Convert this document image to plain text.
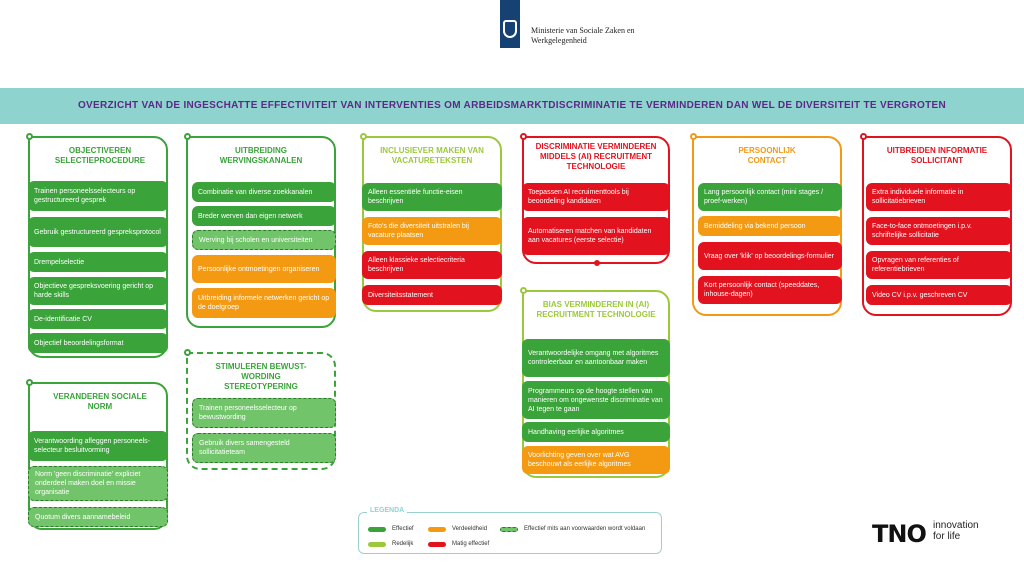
Ministerie van Sociale Zaken en
Werkgelegenheid
OVERZICHT VAN DE INGESCHATTE EFFECTIVITEIT VAN INTERVENTIES OM ARBEIDSMARKTDISCRIMINATIE TE VERMINDEREN DAN WEL DE DIVERSITEIT TE VERGROTEN
OBJECTIVEREN SELECTIEPROCEDURE
Trainen personeelsselecteurs op gestructureerd gesprek
Gebruik gestructureerd gespreksprotocol
Drempelselectie
Objectieve gespreksvoering gericht op harde skills
De-identificatie CV
Objectief beoordelingsformat
VERANDEREN SOCIALE NORM
Verantwoording afleggen personeels-selecteur besluitvorming
Norm 'geen discriminatie' expliciet onderdeel maken doel en missie organisatie
Quotum divers aannamebeleid
UITBREIDING WERVINGSKANALEN
Combinatie van diverse zoekkanalen
Breder werven dan eigen netwerk
Werving bij scholen en universiteiten
Persoonlijke ontmoetingen organiseren
Uitbreiding informele netwerken gericht op de doelgroep
STIMULEREN BEWUST-WORDING STEREOTYPERING
Trainen personeelsselecteur op bewustwording
Gebruik divers samengesteld sollicitatieteam
INCLUSIEVER MAKEN VAN VACATURETEKSTEN
Alleen essentiële functie-eisen beschrijven
Foto's die diversiteit uitstralen bij vacature plaatsen
Alleen klassieke selectiecriteria beschrijven
Diversiteitsstatement
DISCRIMINATIE VERMINDEREN MIDDELS (AI) RECRUITMENT TECHNOLOGIE
Toepassen AI recruimenttools bij beoordeling kandidaten
Automatiseren matchen van kandidaten aan vacatures (eerste selectie)
BIAS VERMINDEREN IN (AI) RECRUITMENT TECHNOLOGIE
Verantwoordelijke omgang met algoritmes controleerbaar en aantoonbaar maken
Programmeurs op de hoogte stellen van manieren om ongewenste discriminatie van AI tegen te gaan
Handhaving eerlijke algoritmes
Voorlichting geven over wat AVG beschouwt als eerlijke algoritmes
PERSOONLIJK CONTACT
Lang persoonlijk contact (mini stages / proef-werken)
Bemiddeling via bekend persoon
Vraag over 'klik' op beoordelings-formulier
Kort persoonlijk contact (speeddates, inhouse-dagen)
UITBREIDEN INFORMATIE SOLLICITANT
Extra individuele informatie in sollicitatiebrieven
Face-to-face ontmoetingen i.p.v. schriftelijke sollicitatie
Opvragen van referenties of referentiebrieven
Video CV i.p.v. geschreven CV
LEGENDA
Effectief	Verdeeldheid	Effectief mits aan voorwaarden wordt voldaan
Redelijk	Matig effectief	TNO innovation
for life
